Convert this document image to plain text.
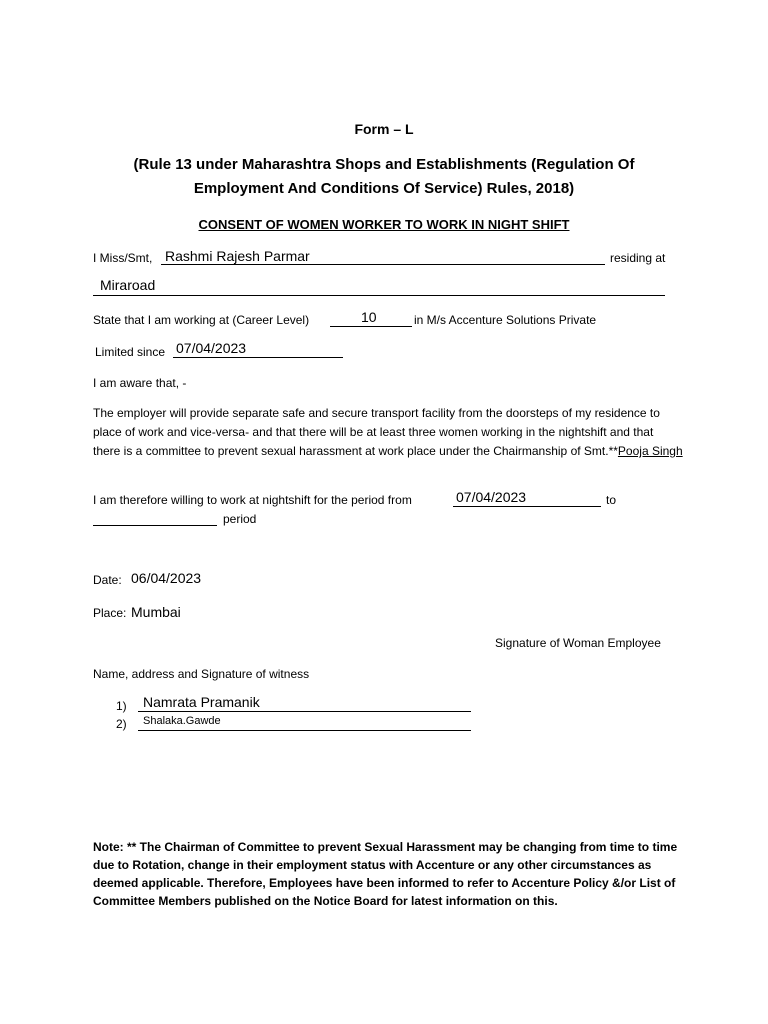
Form – L
(Rule 13 under Maharashtra Shops and Establishments (Regulation Of
Employment And Conditions Of Service) Rules, 2018)
CONSENT OF WOMEN WORKER TO WORK IN NIGHT SHIFT
I Miss/Smt, Rashmi Rajesh Parmar	residing at
Miraroad
State that I am working at (Career Level)	10	in M/s Accenture Solutions Private
Limited since 07/04/2023
I am aware that, -
The employer will provide separate safe and secure transport facility from the doorsteps of my residence to place of work and vice-versa- and that there will be at least three women working in the nightshift and that there is a committee to prevent sexual harassment at work place under the Chairmanship of Smt.**Pooja Singh
I am therefore willing to work at nightshift for the period from	07/04/2023	to
period
Date: 06/04/2023
Place: Mumbai
Signature of Woman Employee
Name, address and Signature of witness
1) Namrata Pramanik
2) Shalaka.Gawde
Note: ** The Chairman of Committee to prevent Sexual Harassment may be changing from time to time due to Rotation, change in their employment status with Accenture or any other circumstances as deemed applicable. Therefore, Employees have been informed to refer to Accenture Policy &/or List of Committee Members published on the Notice Board for latest information on this.
